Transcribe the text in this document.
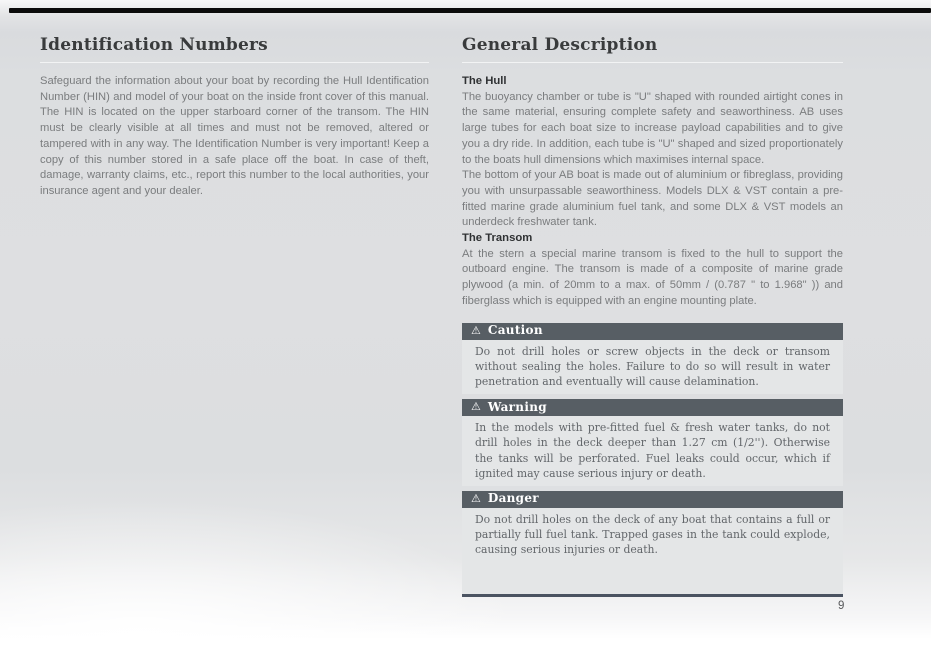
Identification Numbers

Safeguard the information about your boat by recording the Hull Identification Number (HIN) and model of your boat on the inside front cover of this manual. The HIN is located on the upper starboard corner of the transom. The HIN must be clearly visible at all times and must not be removed, altered or tampered with in any way. The Identification Number is very important! Keep a copy of this number stored in a safe place off the boat. In case of theft, damage, warranty claims, etc., report this number to the local authorities, your insurance agent and your dealer.

General Description

The Hull

The buoyancy chamber or tube is "U" shaped with rounded airtight cones in the same material, ensuring complete safety and seaworthiness. AB uses large tubes for each boat size to increase payload capabilities and to give you a dry ride. In addition, each tube is "U" shaped and sized proportionately to the boats hull dimensions which maximises internal space.

The bottom of your AB boat is made out of aluminium or fibreglass, providing you with unsurpassable seaworthiness. Models DLX & VST contain a pre-fitted marine grade aluminium fuel tank, and some DLX & VST models an underdeck freshwater tank.

The Transom

At the stern a special marine transom is fixed to the hull to support the outboard engine. The transom is made of a composite of marine grade plywood (a min. of 20mm to a max. of 50mm / (0.787 " to 1.968" )) and fiberglass which is equipped with an engine mounting plate.

⚠ Caution

Do not drill holes or screw objects in the deck or transom without sealing the holes. Failure to do so will result in water penetration and eventually will cause delamination.

⚠ Warning

In the models with pre-fitted fuel & fresh water tanks, do not drill holes in the deck deeper than 1.27 cm (1/2''). Otherwise the tanks will be perforated. Fuel leaks could occur, which if ignited may cause serious injury or death.

⚠ Danger

Do not drill holes on the deck of any boat that contains a full or partially full fuel tank. Trapped gases in the tank could explode, causing serious injuries or death.

9
